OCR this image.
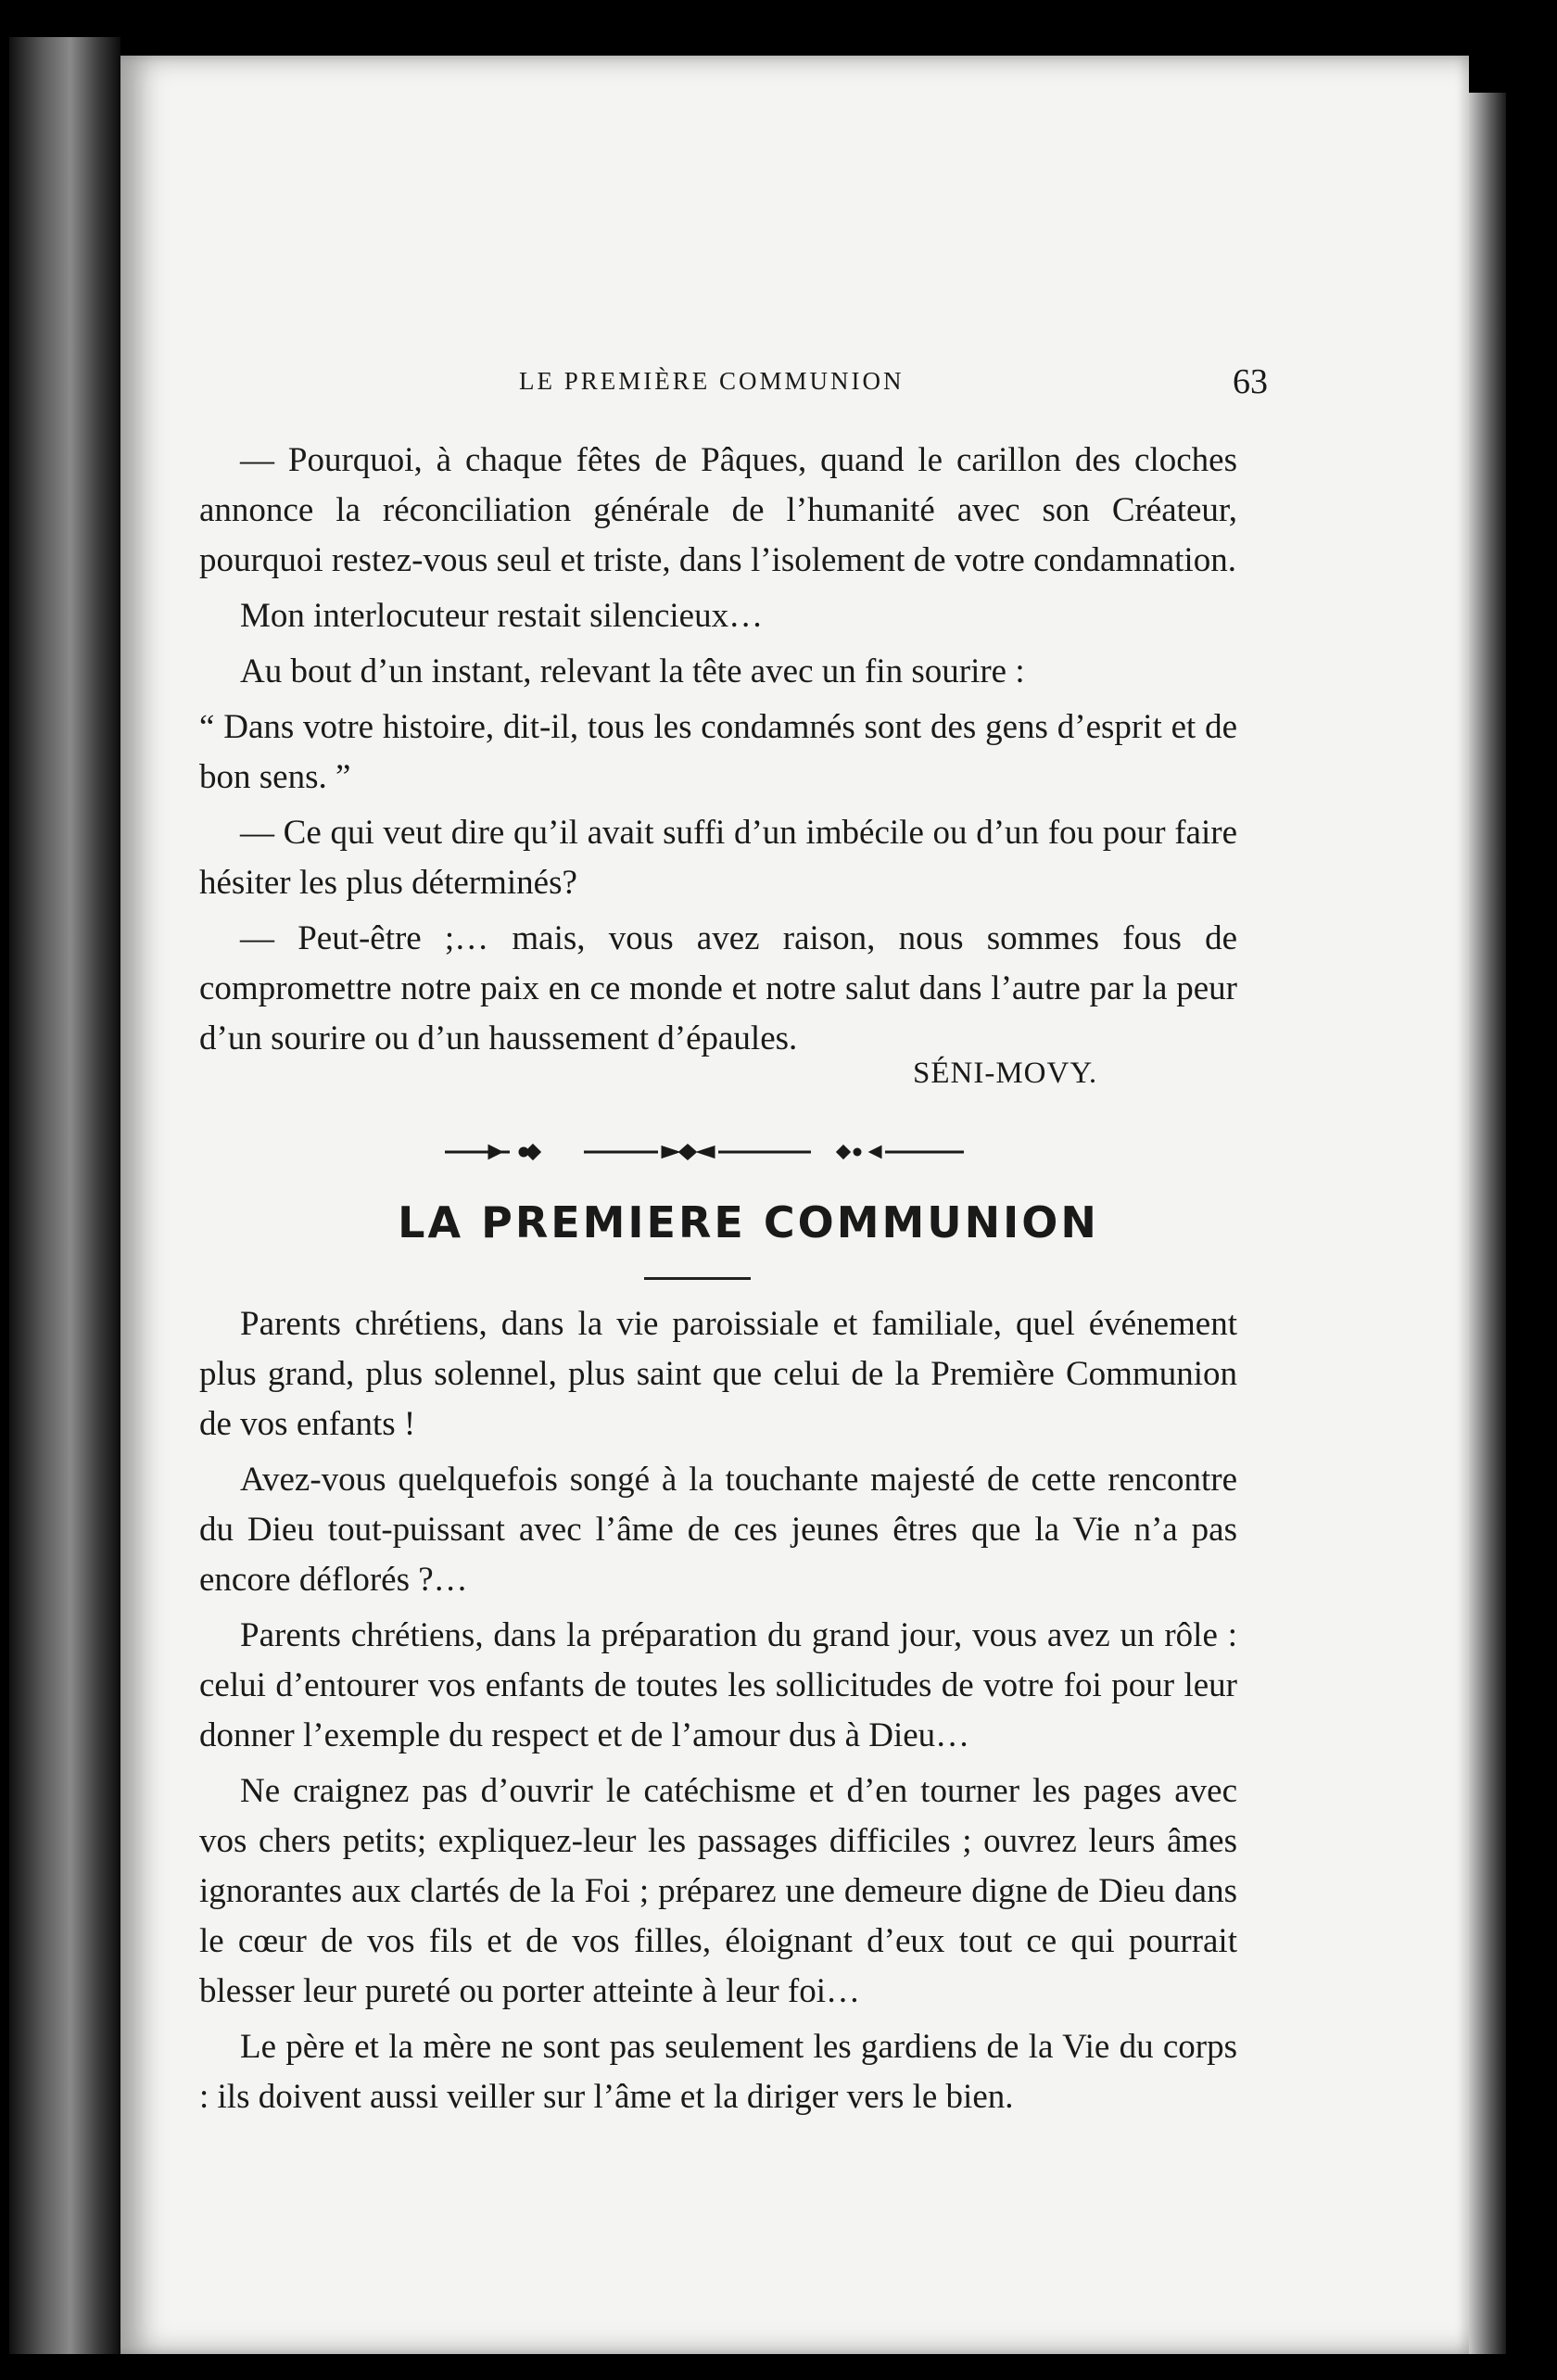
LE PREMIÈRE COMMUNION	63

— Pourquoi, à chaque fêtes de Pâques, quand le carillon des cloches annonce la réconciliation générale de l’humanité avec son Créateur, pourquoi restez-vous seul et triste, dans l’isolement de votre condamnation.

Mon interlocuteur restait silencieux…

Au bout d’un instant, relevant la tête avec un fin sourire :

“ Dans votre histoire, dit-il, tous les condamnés sont des gens d’esprit et de bon sens. ”

— Ce qui veut dire qu’il avait suffi d’un imbécile ou d’un fou pour faire hésiter les plus déterminés?

— Peut-être ;… mais, vous avez raison, nous sommes fous de compromettre notre paix en ce monde et notre salut dans l’autre par la peur d’un sourire ou d’un haussement d’épaules.

SÉNI-MOVY.
LA PREMIERE COMMUNION

Parents chrétiens, dans la vie paroissiale et familiale, quel événement plus grand, plus solennel, plus saint que celui de la Première Communion de vos enfants !

Avez-vous quelquefois songé à la touchante majesté de cette rencontre du Dieu tout-puissant avec l’âme de ces jeunes êtres que la Vie n’a pas encore déflorés ?…

Parents chrétiens, dans la préparation du grand jour, vous avez un rôle : celui d’entourer vos enfants de toutes les sollicitudes de votre foi pour leur donner l’exemple du respect et de l’amour dus à Dieu…

Ne craignez pas d’ouvrir le catéchisme et d’en tourner les pages avec vos chers petits; expliquez-leur les passages difficiles ; ouvrez leurs âmes ignorantes aux clartés de la Foi ; préparez une demeure digne de Dieu dans le cœur de vos fils et de vos filles, éloignant d’eux tout ce qui pourrait blesser leur pureté ou porter atteinte à leur foi…

Le père et la mère ne sont pas seulement les gardiens de la Vie du corps : ils doivent aussi veiller sur l’âme et la diriger vers le bien.
